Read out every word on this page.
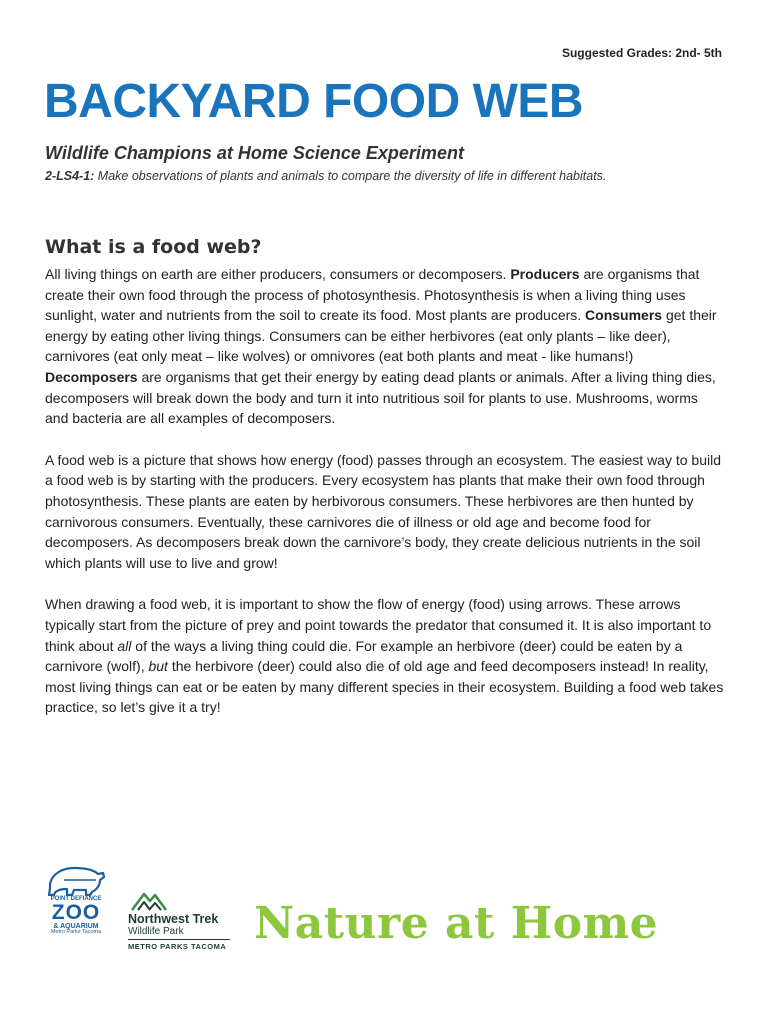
Suggested Grades: 2nd- 5th
BACKYARD FOOD WEB
Wildlife Champions at Home Science Experiment

2-LS4-1: Make observations of plants and animals to compare the diversity of life in different habitats.

What is a food web?

All living things on earth are either producers, consumers or decomposers. Producers are organisms that create their own food through the process of photosynthesis. Photosynthesis is when a living thing uses sunlight, water and nutrients from the soil to create its food. Most plants are producers. Consumers get their energy by eating other living things. Consumers can be either herbivores (eat only plants – like deer), carnivores (eat only meat – like wolves) or omnivores (eat both plants and meat - like humans!) Decomposers are organisms that get their energy by eating dead plants or animals. After a living thing dies, decomposers will break down the body and turn it into nutritious soil for plants to use. Mushrooms, worms and bacteria are all examples of decomposers.

A food web is a picture that shows how energy (food) passes through an ecosystem. The easiest way to build a food web is by starting with the producers. Every ecosystem has plants that make their own food through photosynthesis. These plants are eaten by herbivorous consumers. These herbivores are then hunted by carnivorous consumers. Eventually, these carnivores die of illness or old age and become food for decomposers. As decomposers break down the carnivore’s body, they create delicious nutrients in the soil which plants will use to live and grow!

When drawing a food web, it is important to show the flow of energy (food) using arrows. These arrows typically start from the picture of prey and point towards the predator that consumed it. It is also important to think about all of the ways a living thing could die. For example an herbivore (deer) could be eaten by a carnivore (wolf), but the herbivore (deer) could also die of old age and feed decomposers instead! In reality, most living things can eat or be eaten by many different species in their ecosystem. Building a food web takes practice, so let’s give it a try!

POINT DEFIANCE
ZOO
& AQUARIUM
Metro Parks Tacoma
Northwest Trek
Wildlife Park
METRO PARKS TACOMA Nature at Home
